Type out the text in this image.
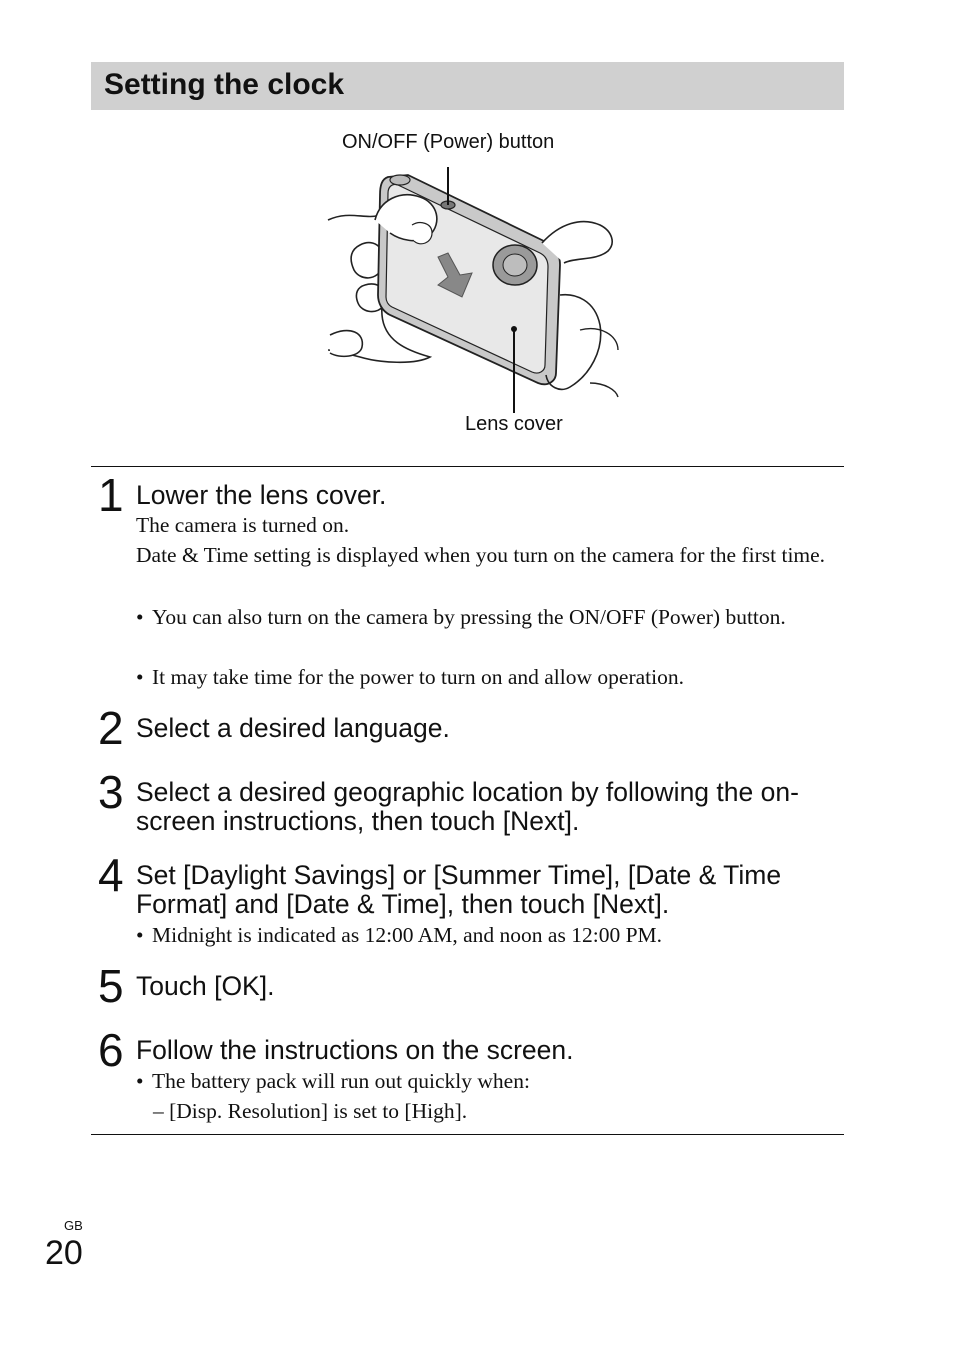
Setting the clock
ON/OFF (Power) button
Lens cover
1 Lower the lens cover.
The camera is turned on.
Date & Time setting is displayed when you turn on the camera for the first time.
• You can also turn on the camera by pressing the ON/OFF (Power) button.
• It may take time for the power to turn on and allow operation.
2 Select a desired language.
3 Select a desired geographic location by following the on-screen instructions, then touch [Next].
4 Set [Daylight Savings] or [Summer Time], [Date & Time Format] and [Date & Time], then touch [Next].
• Midnight is indicated as 12:00 AM, and noon as 12:00 PM.
5 Touch [OK].
6 Follow the instructions on the screen.
• The battery pack will run out quickly when:
– [Disp. Resolution] is set to [High].
GB
20
